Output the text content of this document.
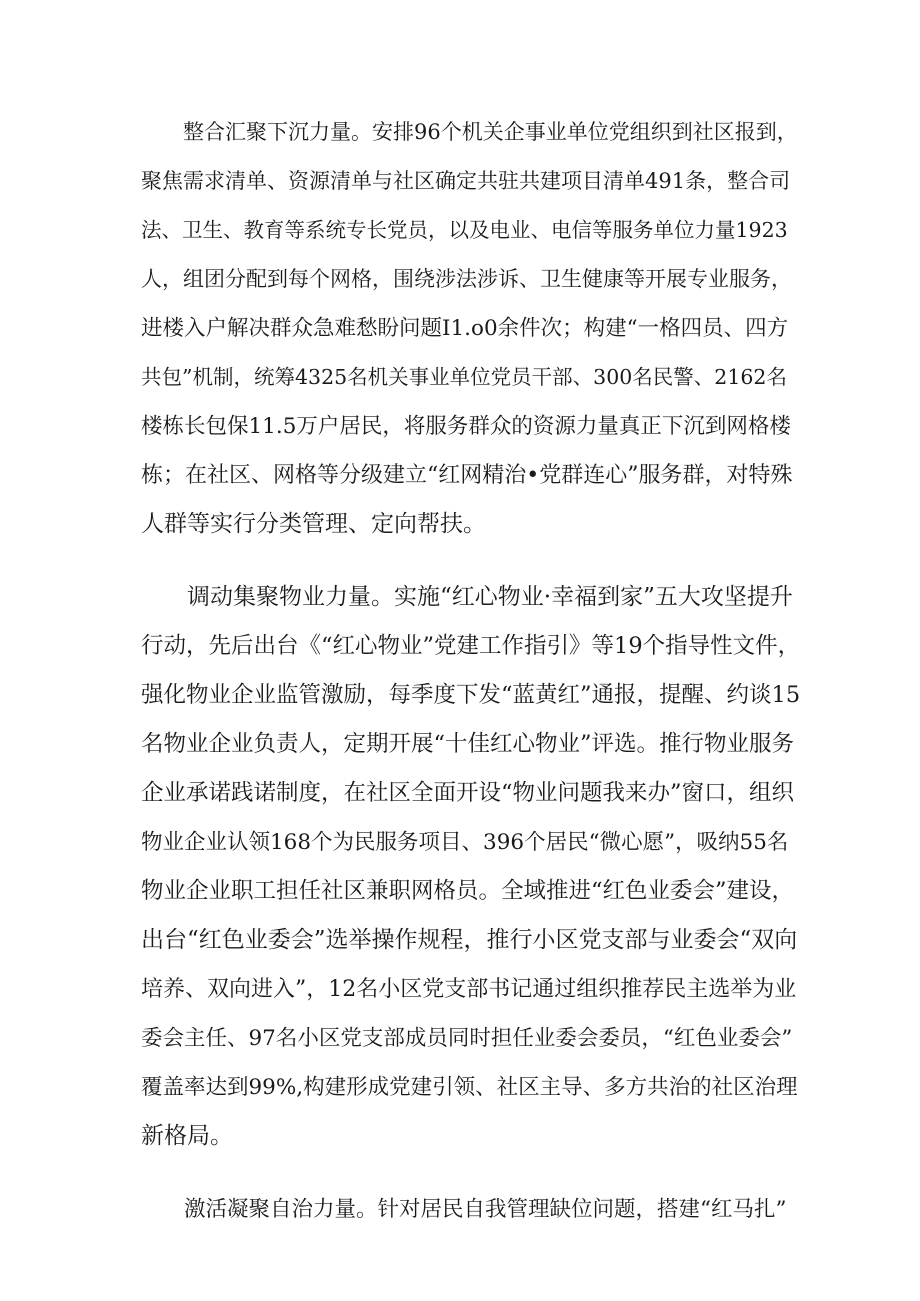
　　整合汇聚下沉力量。安排96个机关企事业单位党组织到社区报到，
聚焦需求清单、资源清单与社区确定共驻共建项目清单491条，整合司
法、卫生、教育等系统专长党员，以及电业、电信等服务单位力量1923
人，组团分配到每个网格，围绕涉法涉诉、卫生健康等开展专业服务，
进楼入户解决群众急难愁盼问题I1.o0余件次；构建“一格四员、四方
共包”机制，统筹4325名机关事业单位党员干部、300名民警、2162名
楼栋长包保11.5万户居民，将服务群众的资源力量真正下沉到网格楼
栋；在社区、网格等分级建立“红网精治•党群连心”服务群，对特殊
人群等实行分类管理、定向帮扶。
　　调动集聚物业力量。实施“红心物业·幸福到家”五大攻坚提升
行动，先后出台《“红心物业”党建工作指引》等19个指导性文件，
强化物业企业监管激励，每季度下发“蓝黄红”通报，提醒、约谈15
名物业企业负责人，定期开展“十佳红心物业”评选。推行物业服务
企业承诺践诺制度，在社区全面开设“物业问题我来办”窗口，组织
物业企业认领168个为民服务项目、396个居民“微心愿”，吸纳55名
物业企业职工担任社区兼职网格员。全域推进“红色业委会”建设，
出台“红色业委会”选举操作规程，推行小区党支部与业委会“双向
培养、双向进入”，12名小区党支部书记通过组织推荐民主选举为业
委会主任、97名小区党支部成员同时担任业委会委员，“红色业委会”
覆盖率达到99%,构建形成党建引领、社区主导、多方共治的社区治理
新格局。
　　激活凝聚自治力量。针对居民自我管理缺位问题，搭建“红马扎”
